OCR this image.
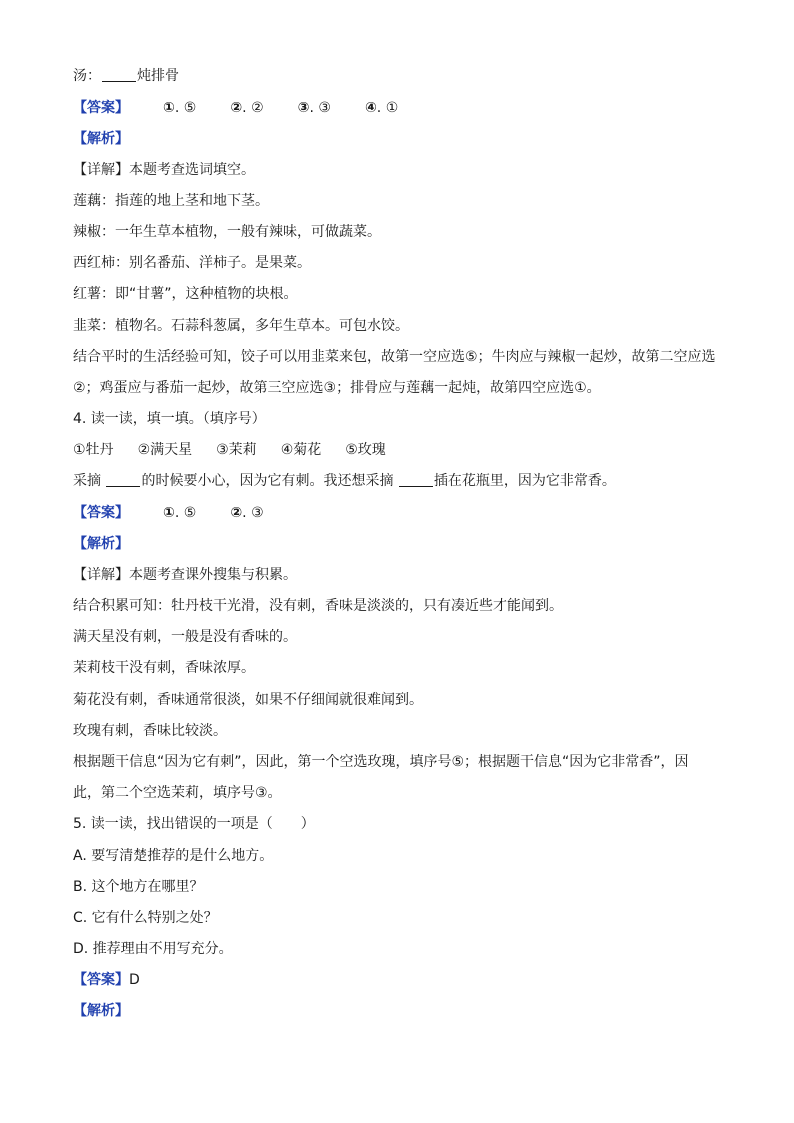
汤：	炖排骨
【答案】 ①. ⑤ ②. ② ③. ③ ④. ①
【解析】
【详解】本题考查选词填空。
莲藕：指莲的地上茎和地下茎。
辣椒：一年生草本植物，一般有辣味，可做蔬菜。
西红柿：别名番茄、洋柿子。是果菜。
红薯：即“甘薯”，这种植物的块根。
韭菜：植物名。石蒜科葱属，多年生草本。可包水饺。
结合平时的生活经验可知，饺子可以用韭菜来包，故第一空应选⑤；牛肉应与辣椒一起炒，故第二空应选
②；鸡蛋应与番茄一起炒，故第三空应选③；排骨应与莲藕一起炖，故第四空应选①。
4. 读一读，填一填。（填序号）
①牡丹 ②满天星 ③茉莉 ④菊花 ⑤玫瑰
采摘	的时候要小心，因为它有刺。我还想采摘	插在花瓶里，因为它非常香。
【答案】 ①. ⑤ ②. ③
【解析】
【详解】本题考查课外搜集与积累。
结合积累可知：牡丹枝干光滑，没有刺，香味是淡淡的，只有凑近些才能闻到。
满天星没有刺，一般是没有香味的。
茉莉枝干没有刺，香味浓厚。
菊花没有刺，香味通常很淡，如果不仔细闻就很难闻到。
玫瑰有刺，香味比较淡。
根据题干信息“因为它有刺”，因此，第一个空选玫瑰，填序号⑤；根据题干信息“因为它非常香”，因
此，第二个空选茉莉，填序号③。
5. 读一读，找出错误的一项是（　　）
A. 要写清楚推荐的是什么地方。
B. 这个地方在哪里？
C. 它有什么特别之处？
D. 推荐理由不用写充分。
【答案】D
【解析】
